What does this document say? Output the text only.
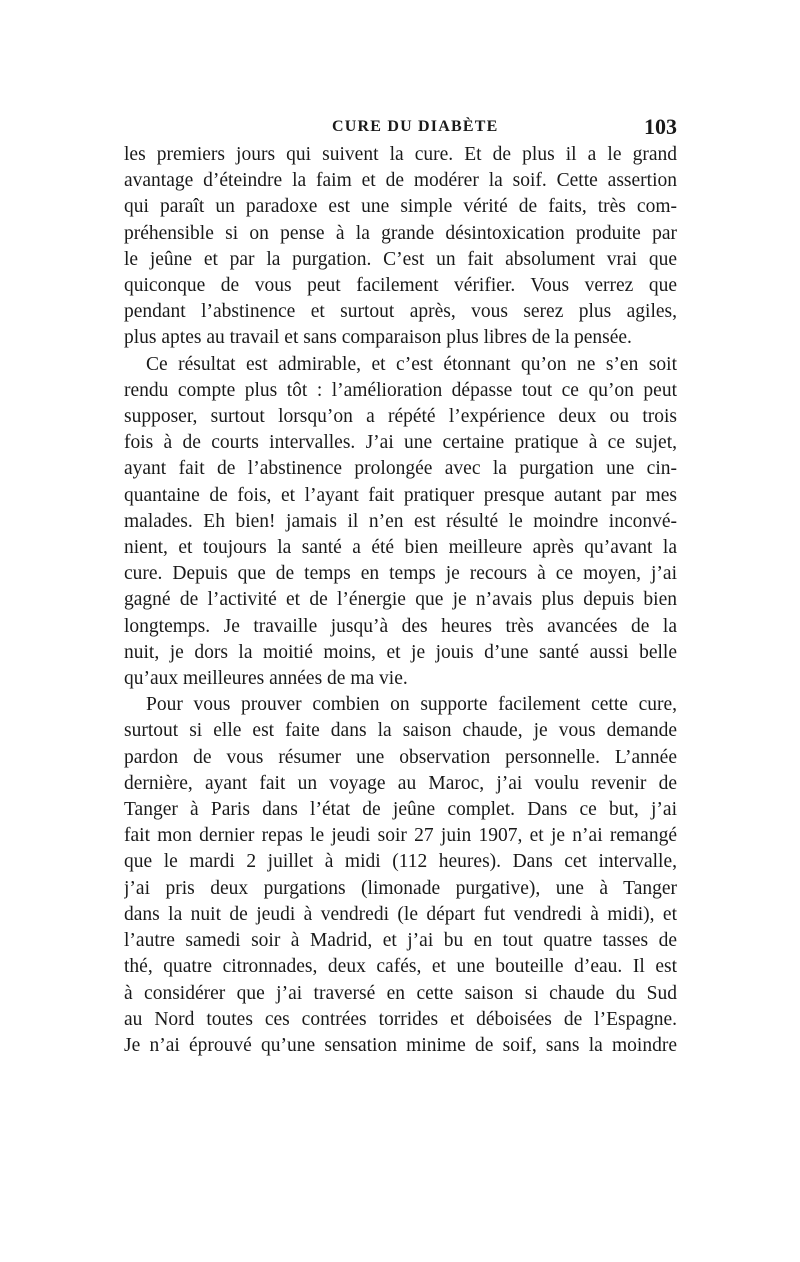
CURE DU DIABÈTE	103

les premiers jours qui suivent la cure. Et de plus il a le grand
avantage d’éteindre la faim et de modérer la soif. Cette assertion
qui paraît un paradoxe est une simple vérité de faits, très com-
préhensible si on pense à la grande désintoxication produite par
le jeûne et par la purgation. C’est un fait absolument vrai que
quiconque de vous peut facilement vérifier. Vous verrez que
pendant l’abstinence et surtout après, vous serez plus agiles,
plus aptes au travail et sans comparaison plus libres de la pensée.

Ce résultat est admirable, et c’est étonnant qu’on ne s’en soit
rendu compte plus tôt : l’amélioration dépasse tout ce qu’on peut
supposer, surtout lorsqu’on a répété l’expérience deux ou trois
fois à de courts intervalles. J’ai une certaine pratique à ce sujet,
ayant fait de l’abstinence prolongée avec la purgation une cin-
quantaine de fois, et l’ayant fait pratiquer presque autant par mes
malades. Eh bien! jamais il n’en est résulté le moindre inconvé-
nient, et toujours la santé a été bien meilleure après qu’avant la
cure. Depuis que de temps en temps je recours à ce moyen, j’ai
gagné de l’activité et de l’énergie que je n’avais plus depuis bien
longtemps. Je travaille jusqu’à des heures très avancées de la
nuit, je dors la moitié moins, et je jouis d’une santé aussi belle
qu’aux meilleures années de ma vie.

Pour vous prouver combien on supporte facilement cette cure,
surtout si elle est faite dans la saison chaude, je vous demande
pardon de vous résumer une observation personnelle. L’année
dernière, ayant fait un voyage au Maroc, j’ai voulu revenir de
Tanger à Paris dans l’état de jeûne complet. Dans ce but, j’ai
fait mon dernier repas le jeudi soir 27 juin 1907, et je n’ai remangé
que le mardi 2 juillet à midi (112 heures). Dans cet intervalle,
j’ai pris deux purgations (limonade purgative), une à Tanger
dans la nuit de jeudi à vendredi (le départ fut vendredi à midi), et
l’autre samedi soir à Madrid, et j’ai bu en tout quatre tasses de
thé, quatre citronnades, deux cafés, et une bouteille d’eau. Il est
à considérer que j’ai traversé en cette saison si chaude du Sud
au Nord toutes ces contrées torrides et déboisées de l’Espagne.
Je n’ai éprouvé qu’une sensation minime de soif, sans la moindre
